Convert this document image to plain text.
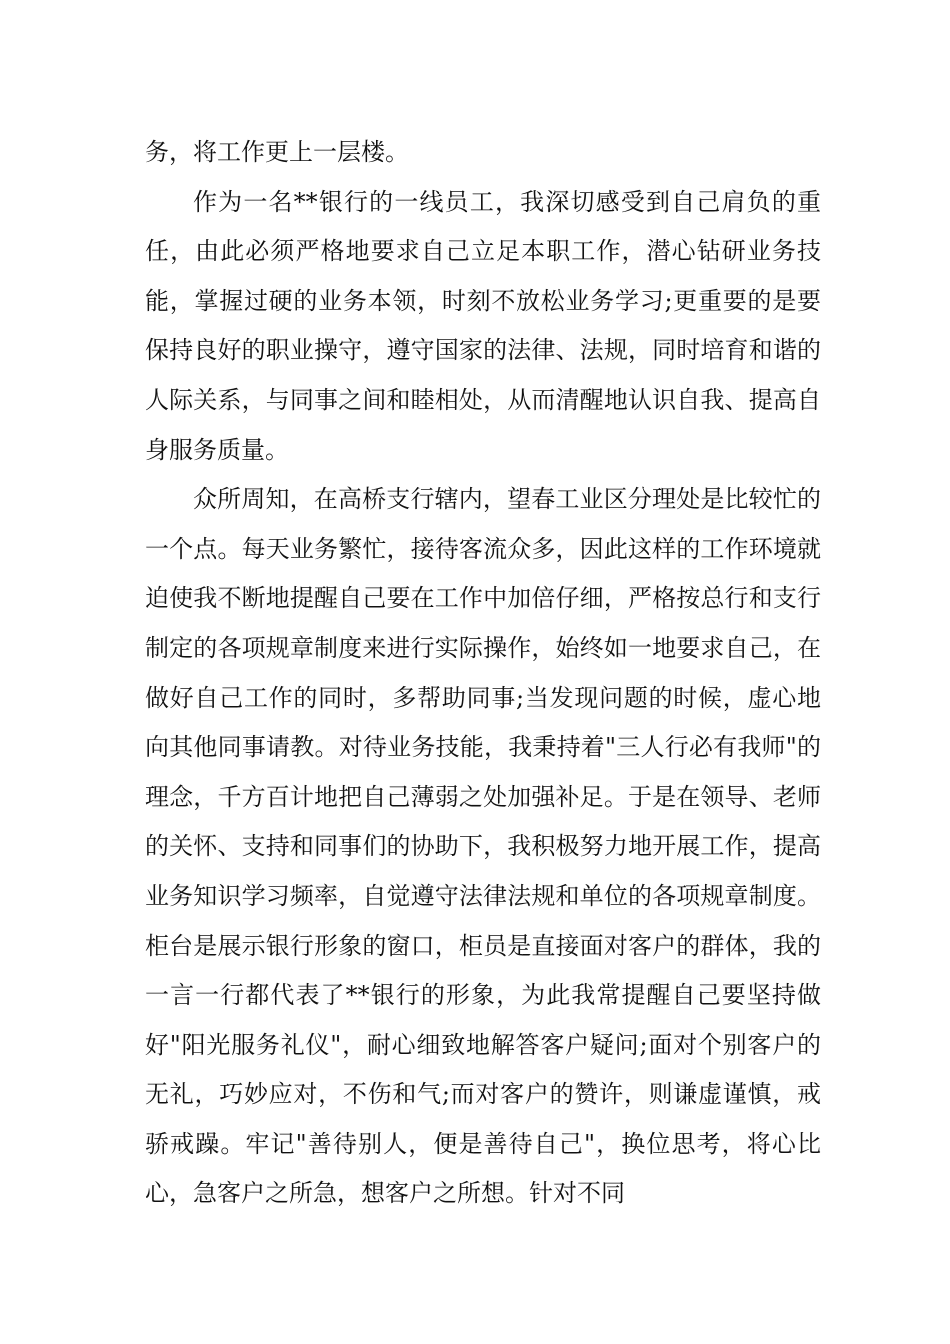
务，将工作更上一层楼。

作为一名**银行的一线员工，我深切感受到自己肩负的重任，由此必须严格地要求自己立足本职工作，潜心钻研业务技能，掌握过硬的业务本领，时刻不放松业务学习;更重要的是要保持良好的职业操守，遵守国家的法律、法规，同时培育和谐的人际关系，与同事之间和睦相处，从而清醒地认识自我、提高自身服务质量。

众所周知，在高桥支行辖内，望春工业区分理处是比较忙的一个点。每天业务繁忙，接待客流众多，因此这样的工作环境就迫使我不断地提醒自己要在工作中加倍仔细，严格按总行和支行制定的各项规章制度来进行实际操作，始终如一地要求自己，在做好自己工作的同时，多帮助同事;当发现问题的时候，虚心地向其他同事请教。对待业务技能，我秉持着"三人行必有我师"的理念，千方百计地把自己薄弱之处加强补足。于是在领导、老师的关怀、支持和同事们的协助下，我积极努力地开展工作，提高业务知识学习频率，自觉遵守法律法规和单位的各项规章制度。柜台是展示银行形象的窗口，柜员是直接面对客户的群体，我的一言一行都代表了**银行的形象，为此我常提醒自己要坚持做好"阳光服务礼仪"，耐心细致地解答客户疑问;面对个别客户的无礼，巧妙应对，不伤和气;而对客户的赞许，则谦虚谨慎，戒骄戒躁。牢记"善待别人，便是善待自己"，换位思考，将心比心，急客户之所急，想客户之所想。针对不同
